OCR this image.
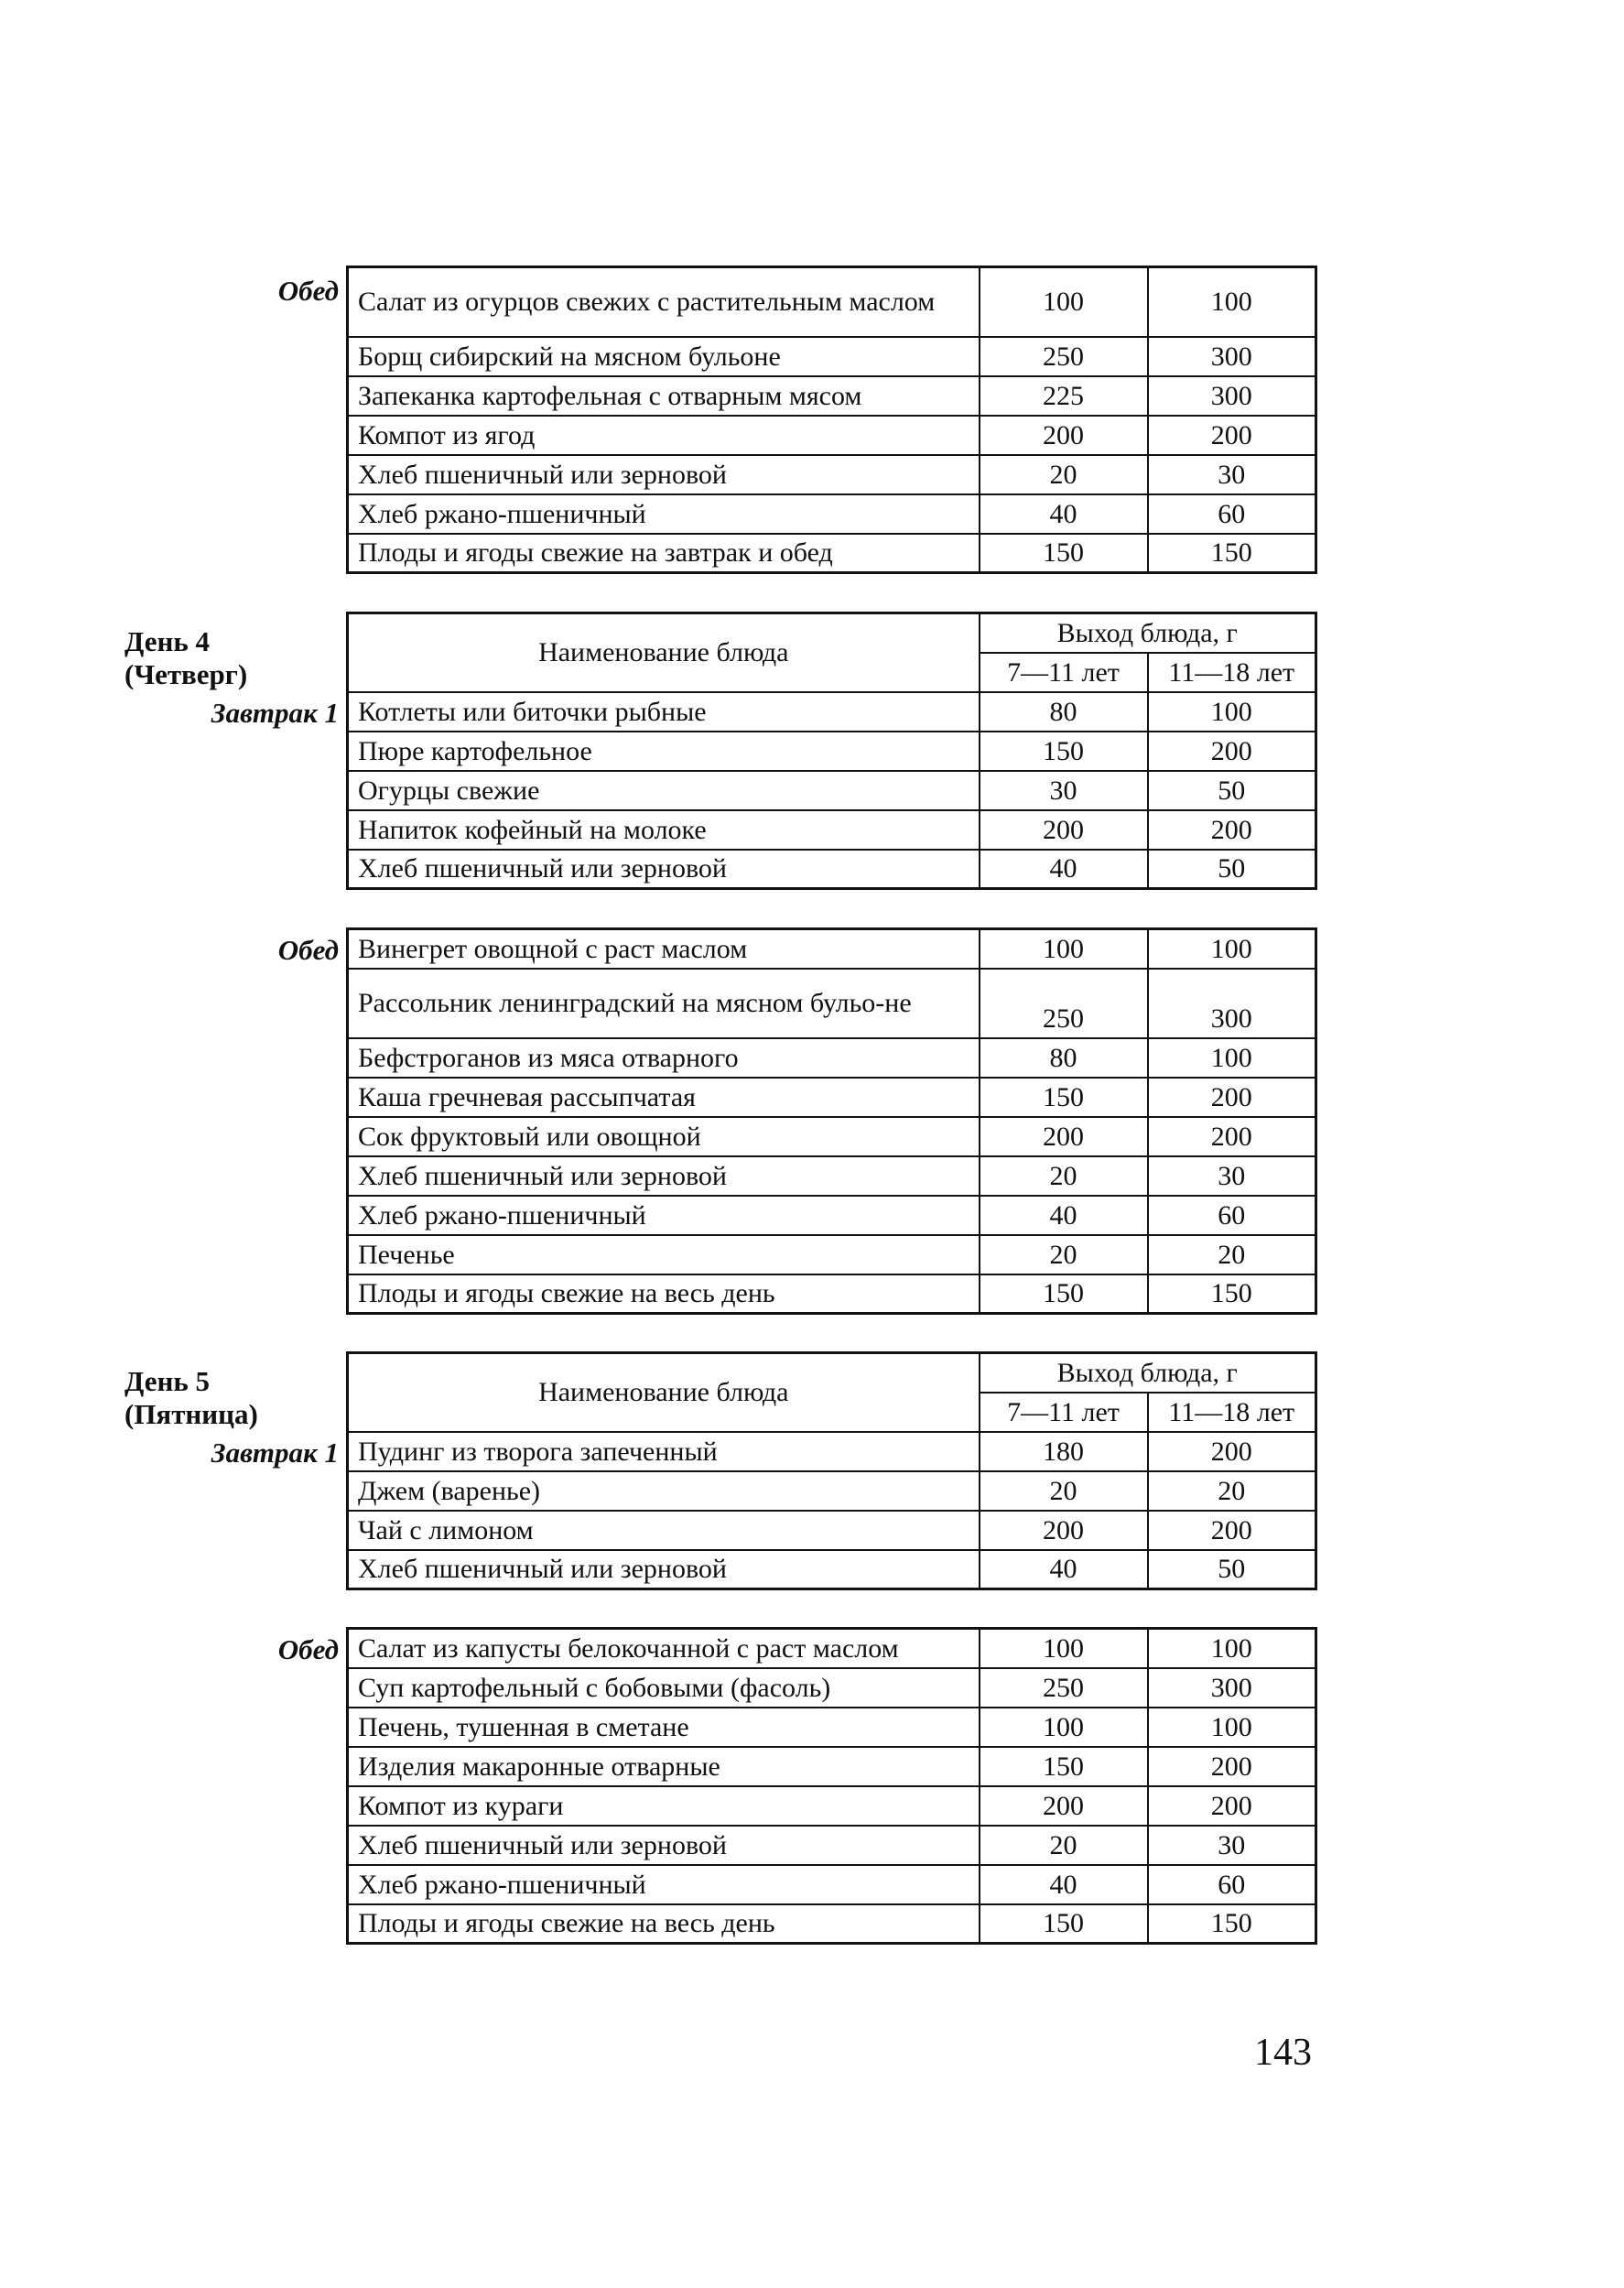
Обед Салат из огурцов свежих с растительным маслом	100	100
Борщ сибирский на мясном бульоне	250	300
Запеканка картофельная с отварным мясом	225	300
Компот из ягод	200	200
Хлеб пшеничный или зерновой	20	30
Хлеб ржано-пшеничный	40	60
Плоды и ягоды свежие на завтрак и обед	150	150
День 4
(Четверг)
Завтрак 1
Наименование блюда	Выход блюда, г	
	7—11 лет	11—18 лет
Котлеты или биточки рыбные	80	100
Пюре картофельное	150	200
Огурцы свежие	30	50
Напиток кофейный на молоке	200	200
Хлеб пшеничный или зерновой	40	50
Обед Винегрет овощной с раст маслом	100	100
Рассольник ленинградский на мясном бульо-не	250	300
Бефстроганов из мяса отварного	80	100
Каша гречневая рассыпчатая	150	200
Сок фруктовый или овощной	200	200
Хлеб пшеничный или зерновой	20	30
Хлеб ржано-пшеничный	40	60
Печенье	20	20
Плоды и ягоды свежие на весь день	150	150
День 5
(Пятница)
Завтрак 1
Наименование блюда	Выход блюда, г	
	7—11 лет	11—18 лет
Пудинг из творога запеченный	180	200
Джем (варенье)	20	20
Чай с лимоном	200	200
Хлеб пшеничный или зерновой	40	50
Обед Салат из капусты белокочанной с раст маслом	100	100
Суп картофельный с бобовыми (фасоль)	250	300
Печень, тушенная в сметане	100	100
Изделия макаронные отварные	150	200
Компот из кураги	200	200
Хлеб пшеничный или зерновой	20	30
Хлеб ржано-пшеничный	40	60
Плоды и ягоды свежие на весь день	150	150
143
